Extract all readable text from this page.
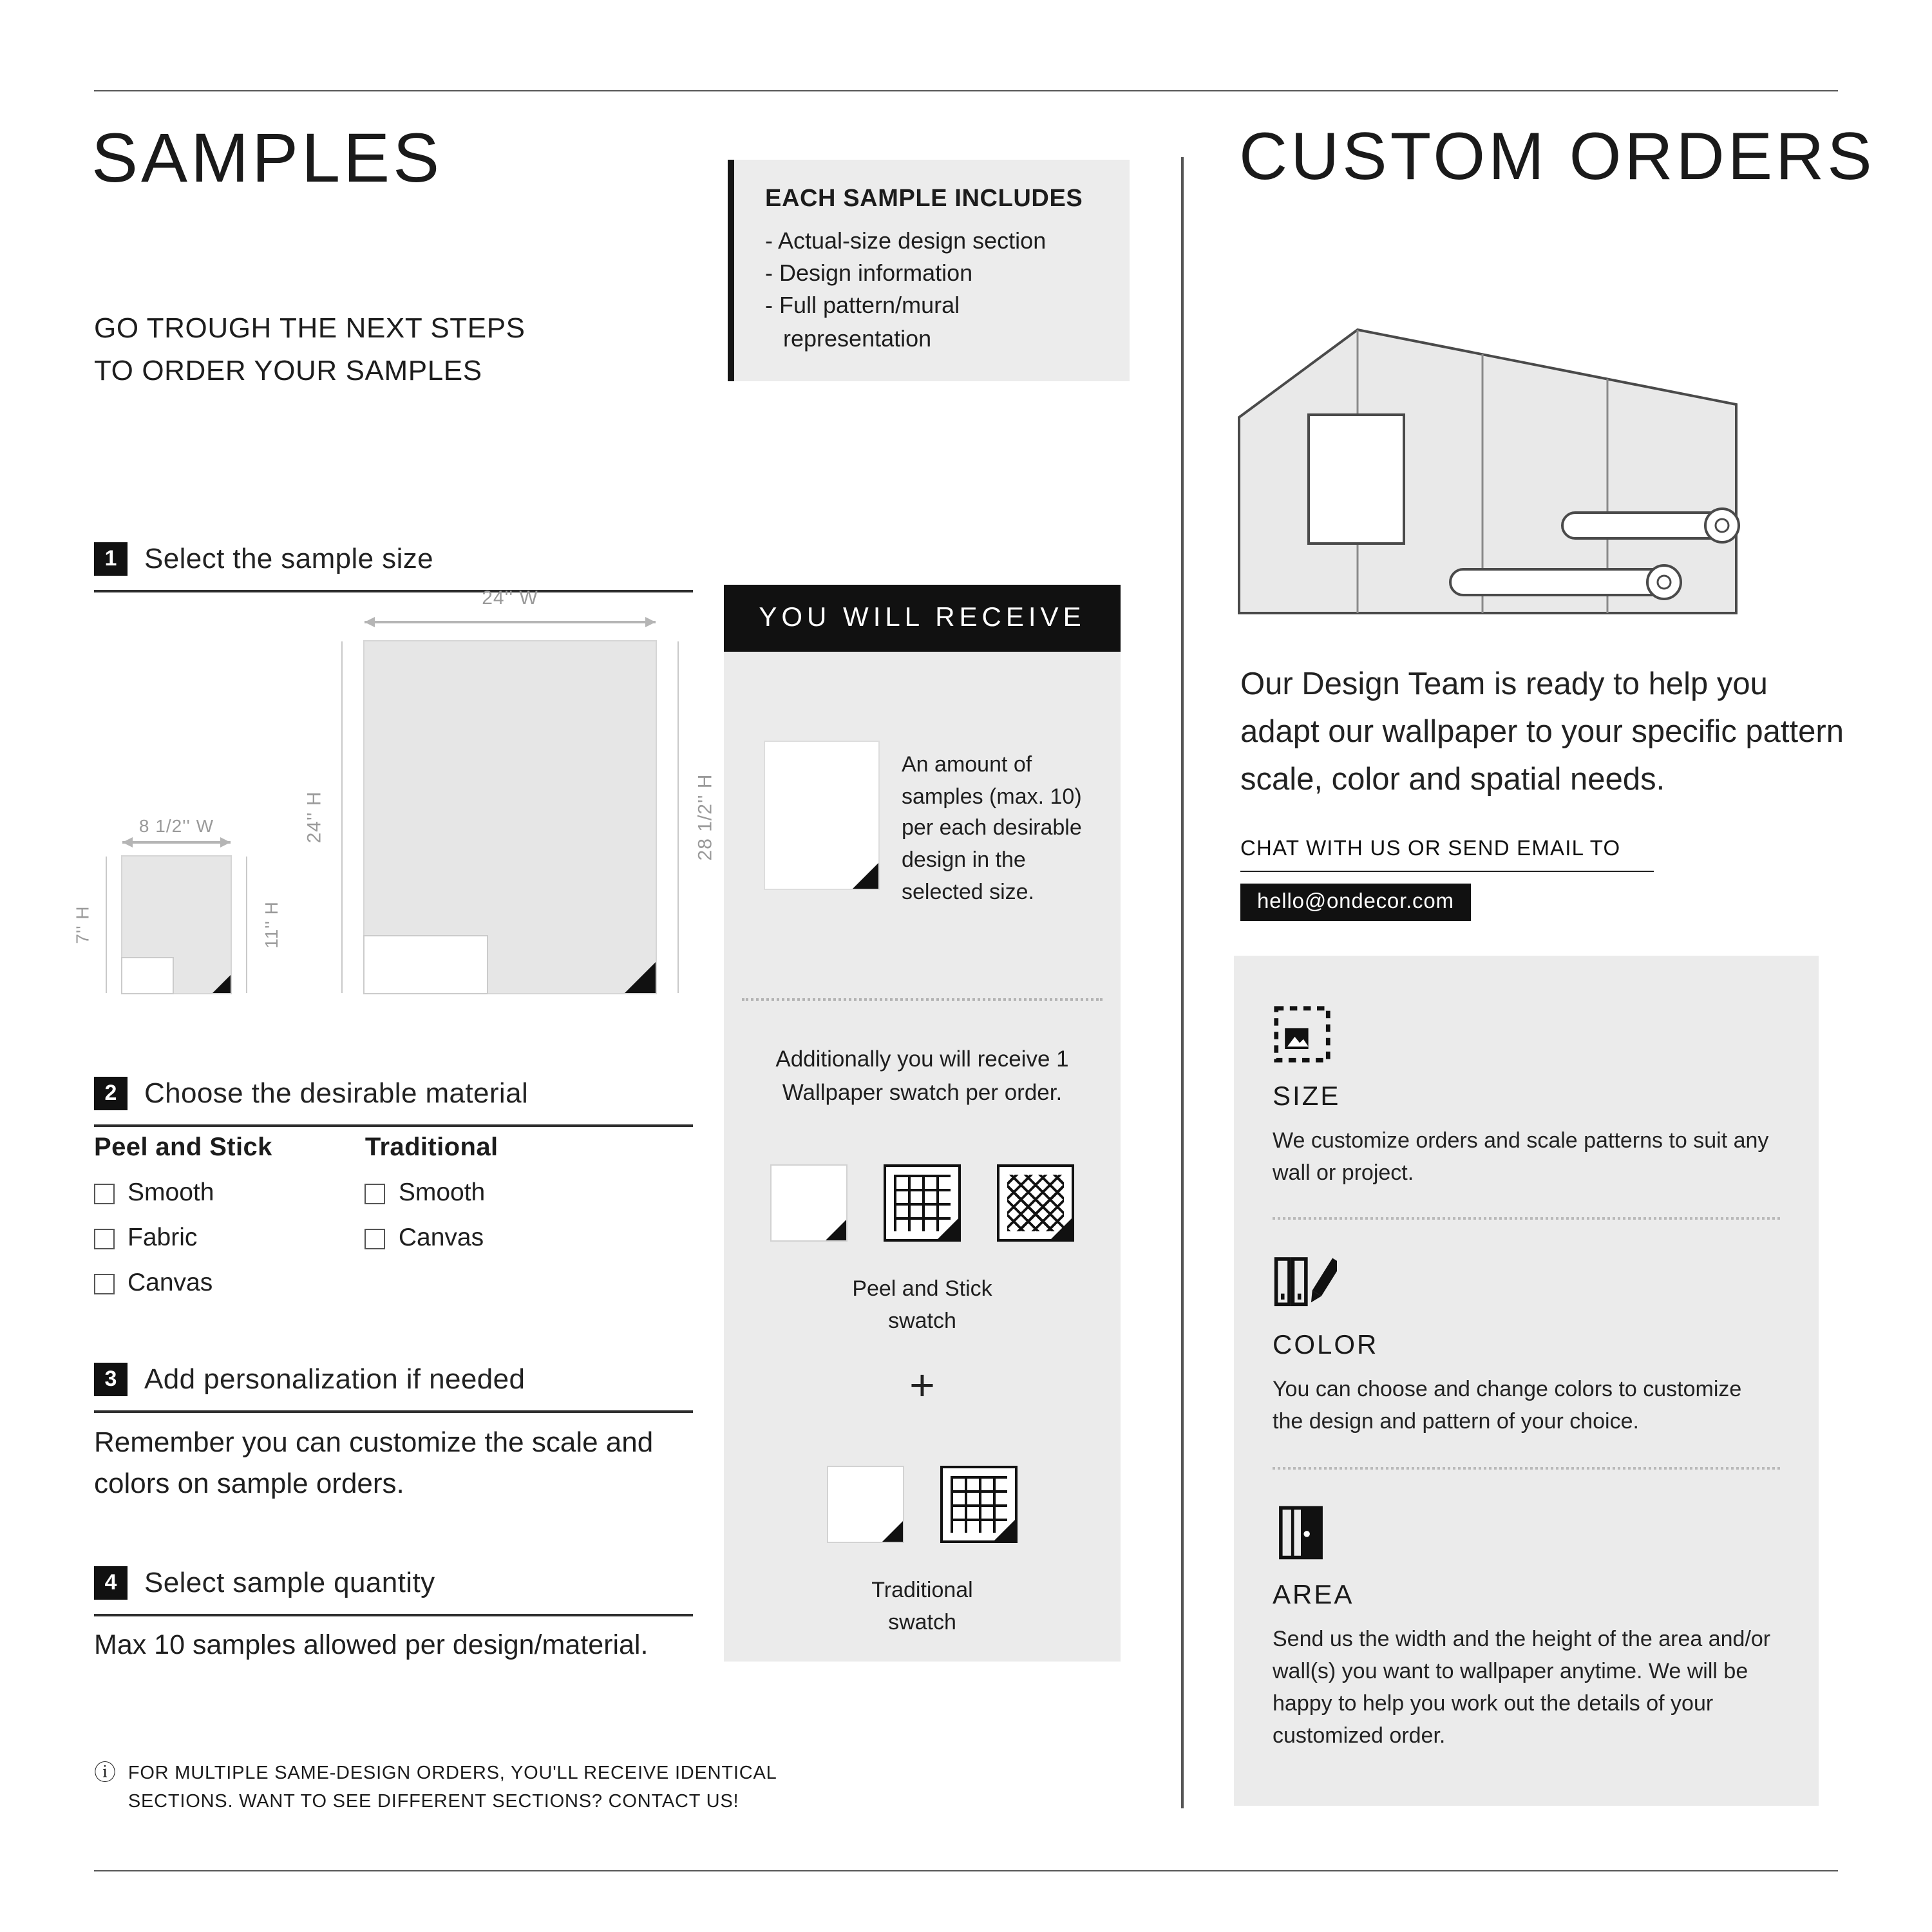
SAMPLES
EACH SAMPLE INCLUDES
- Actual-size design section
- Design information
- Full pattern/mural representation
GO TROUGH THE NEXT STEPS TO ORDER YOUR SAMPLES
1	Select the sample size
24'' W
24'' H	28 1/2'' H
8 1/2'' W
7'' H	11'' H
2	Choose the desirable material
Peel and Stick
Smooth
Fabric
Canvas
Traditional
Smooth
Canvas
3	Add personalization if needed
Remember you can customize the scale and colors on sample orders.
4	Select sample quantity
Max 10 samples allowed per design/material.
ⓘ FOR MULTIPLE SAME-DESIGN ORDERS, YOU'LL RECEIVE IDENTICAL SECTIONS. WANT TO SEE DIFFERENT SECTIONS? CONTACT US!
YOU WILL RECEIVE
An amount of samples (max. 10) per each desirable design in the selected size.
Additionally you will receive 1 Wallpaper swatch per order.
Peel and Stick swatch
+
Traditional swatch
CUSTOM ORDERS
Our Design Team is ready to help you adapt our wallpaper to your specific pattern scale, color and spatial needs.
CHAT WITH US OR SEND EMAIL TO
hello@ondecor.com
SIZE
We customize orders and scale patterns to suit any wall or project.
COLOR
You can choose and change colors to customize the design and pattern of your choice.
AREA
Send us the width and the height of the area and/or wall(s) you want to wallpaper anytime. We will be happy to help you work out the details of your customized order.
